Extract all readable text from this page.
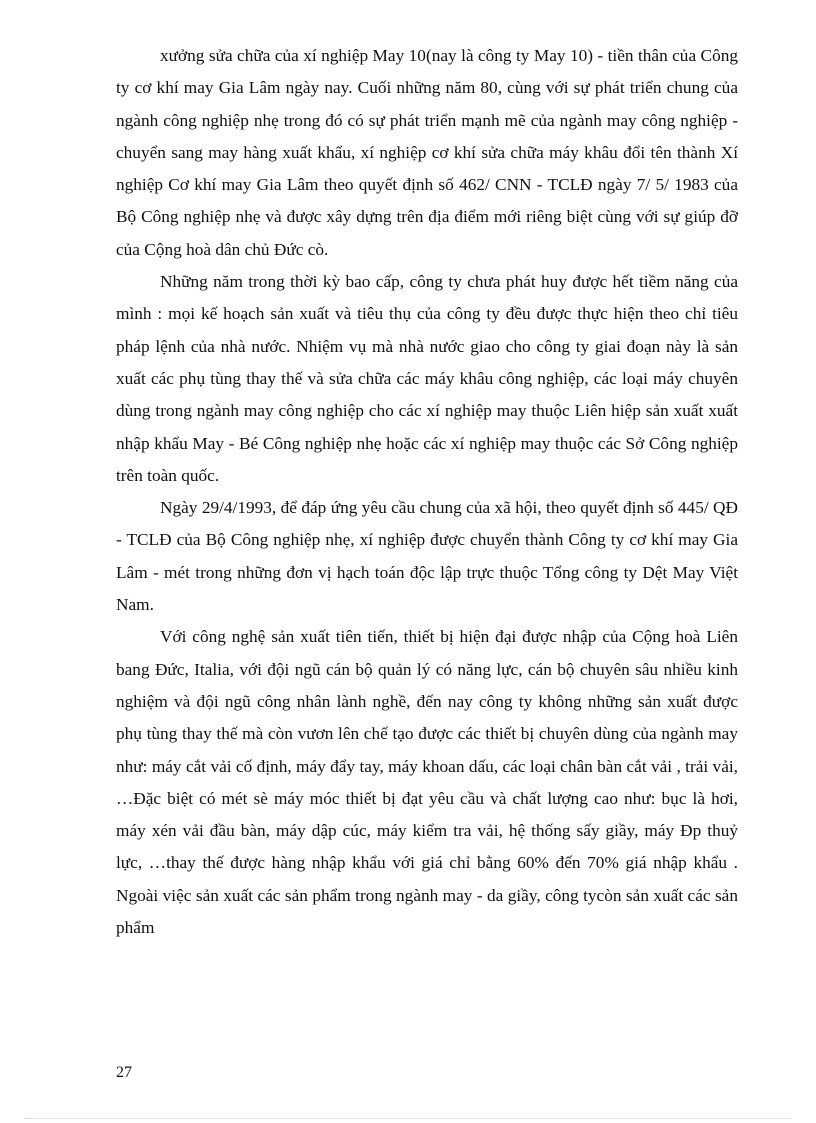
xưởng sửa chữa của xí nghiệp May 10(nay là công ty May 10) - tiền thân của Công ty cơ khí may Gia Lâm ngày nay. Cuối những năm 80, cùng với sự phát triển chung của ngành công nghiệp nhẹ trong đó có sự phát triển mạnh mẽ của ngành may công nghiệp - chuyển sang may hàng xuất khẩu, xí nghiệp cơ khí sửa chữa máy khâu đổi tên thành Xí nghiệp Cơ khí may Gia Lâm theo quyết định số 462/ CNN - TCLĐ ngày 7/ 5/ 1983 của Bộ Công nghiệp nhẹ và được xây dựng trên địa điểm mới riêng biệt cùng với sự giúp đỡ của Cộng hoà dân chủ Đức cò.

Những năm trong thời kỳ bao cấp, công ty chưa phát huy được hết tiềm năng của mình : mọi kế hoạch sản xuất và tiêu thụ của công ty đều được thực hiện theo chỉ tiêu pháp lệnh của nhà nước. Nhiệm vụ mà nhà nước giao cho công ty giai đoạn này là sản xuất các phụ tùng thay thế và sửa chữa các máy khâu công nghiệp, các loại máy chuyên dùng trong ngành may công nghiệp cho các xí nghiệp may thuộc Liên hiệp sản xuất xuất nhập khẩu May - Bé Công nghiệp nhẹ hoặc các xí nghiệp may thuộc các Sở Công nghiệp trên toàn quốc.

Ngày 29/4/1993, để đáp ứng yêu cầu chung của xã hội, theo quyết định số 445/ QĐ - TCLĐ của Bộ Công nghiệp nhẹ, xí nghiệp được chuyển thành Công ty cơ khí may Gia Lâm - mét trong những đơn vị hạch toán độc lập trực thuộc Tổng công ty Dệt May Việt Nam.

Với công nghệ sản xuất tiên tiến, thiết bị hiện đại được nhập của Cộng hoà Liên bang Đức, Italia, với đội ngũ cán bộ quản lý có năng lực, cán bộ chuyên sâu nhiều kinh nghiệm và đội ngũ công nhân lành nghề, đến nay công ty không những sản xuất được phụ tùng thay thế mà còn vươn lên chế tạo được các thiết bị chuyên dùng của ngành may như: máy cắt vải cố định, máy đẩy tay, máy khoan dấu, các loại chân bàn cắt vải , trải vải, …Đặc biệt có mét sè máy móc thiết bị đạt yêu cầu và chất lượng cao như: bục là hơi, máy xén vải đầu bàn, máy dập cúc, máy kiểm tra vải, hệ thống sấy giầy, máy Ðp thuỷ lực, …thay thế được hàng nhập khẩu với giá chỉ bằng 60% đến 70% giá nhập khẩu . Ngoài việc sản xuất các sản phẩm trong ngành may - da giầy, công tycòn sản xuất các sản phẩm

27
